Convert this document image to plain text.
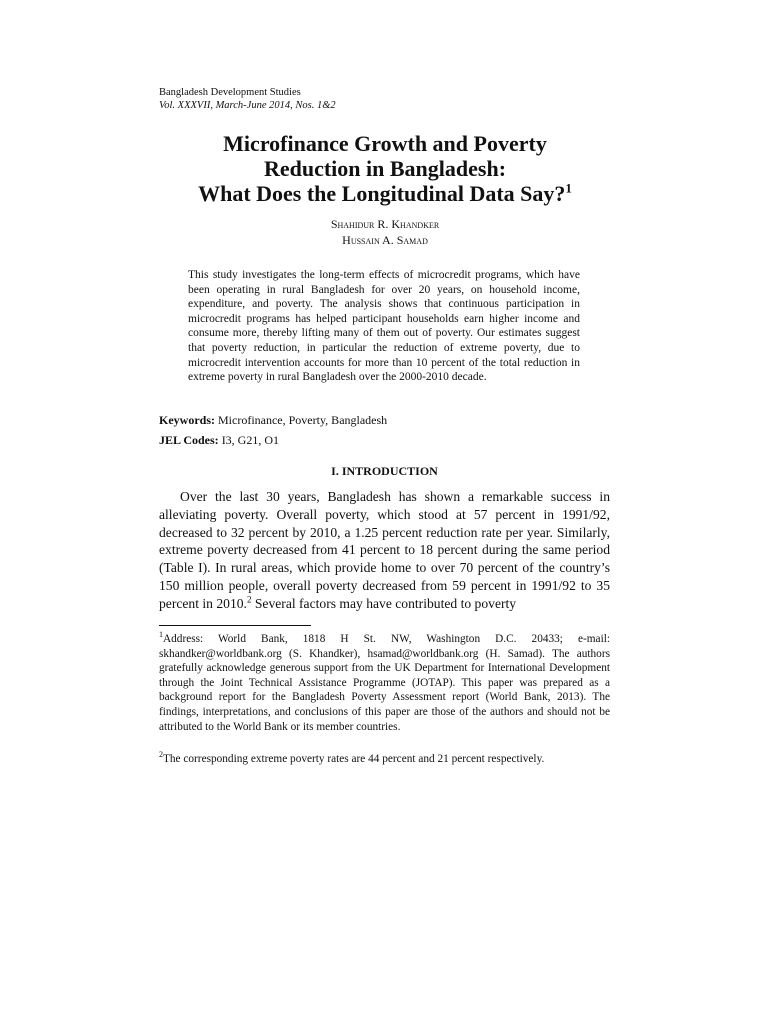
Bangladesh Development Studies
Vol. XXXVII, March-June 2014, Nos. 1&2
Microfinance Growth and Poverty
Reduction in Bangladesh:
What Does the Longitudinal Data Say?$^1$
Shahidur R. Khandker
Hussain A. Samad
This study investigates the long-term effects of microcredit programs, which have been operating in rural Bangladesh for over 20 years, on household income, expenditure, and poverty. The analysis shows that continuous participation in microcredit programs has helped participant households earn higher income and consume more, thereby lifting many of them out of poverty. Our estimates suggest that poverty reduction, in particular the reduction of extreme poverty, due to microcredit intervention accounts for more than 10 percent of the total reduction in extreme poverty in rural Bangladesh over the 2000-2010 decade.
Keywords: Microfinance, Poverty, Bangladesh
JEL Codes: I3, G21, O1
I. INTRODUCTION
Over the last 30 years, Bangladesh has shown a remarkable success in alleviating poverty. Overall poverty, which stood at 57 percent in 1991/92, decreased to 32 percent by 2010, a 1.25 percent reduction rate per year. Similarly, extreme poverty decreased from 41 percent to 18 percent during the same period (Table I). In rural areas, which provide home to over 70 percent of the country’s 150 million people, overall poverty decreased from 59 percent in 1991/92 to 35 percent in 2010.$^2$ Several factors may have contributed to poverty
$^1$Address: World Bank, 1818 H St. NW, Washington D.C. 20433; e-mail: skhandker@worldbank.org (S. Khandker), hsamad@worldbank.org (H. Samad). The authors gratefully acknowledge generous support from the UK Department for International Development through the Joint Technical Assistance Programme (JOTAP). This paper was prepared as a background report for the Bangladesh Poverty Assessment report (World Bank, 2013). The findings, interpretations, and conclusions of this paper are those of the authors and should not be attributed to the World Bank or its member countries.
$^2$The corresponding extreme poverty rates are 44 percent and 21 percent respectively.
